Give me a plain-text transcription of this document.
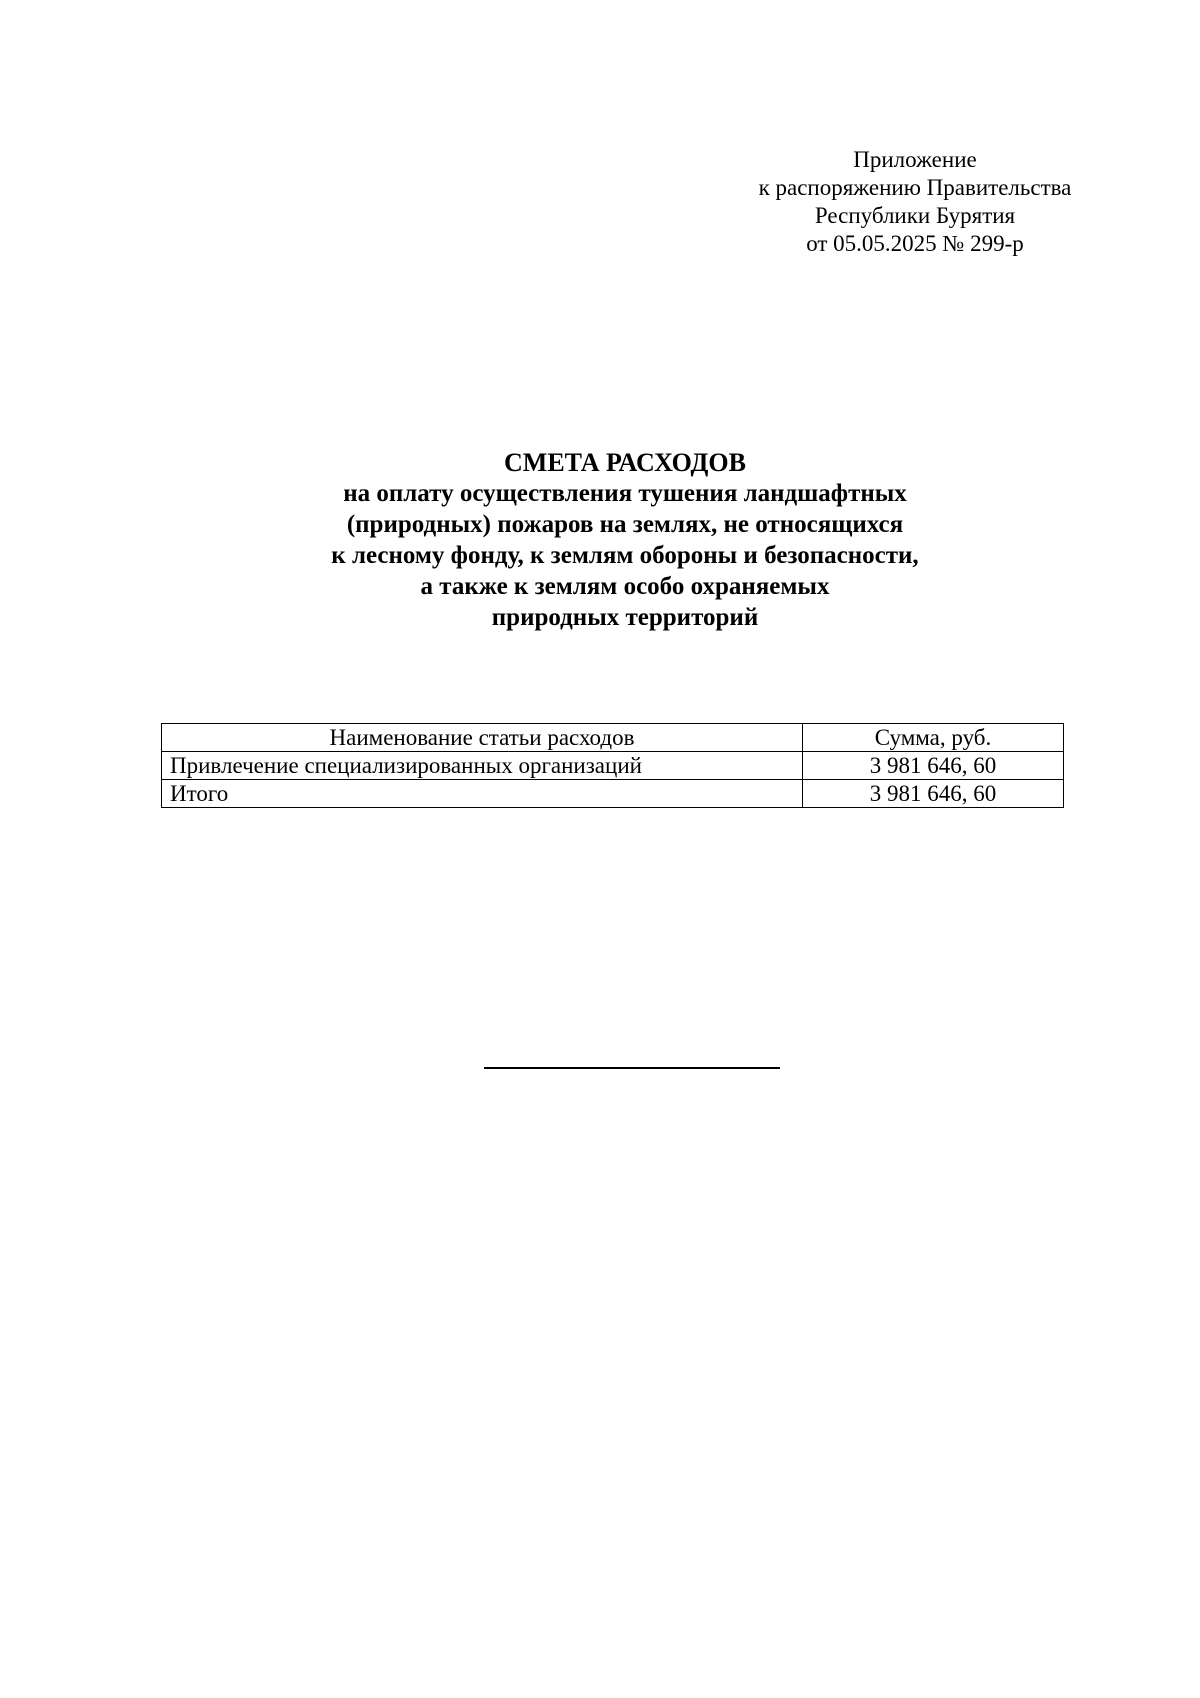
Приложение
к распоряжению Правительства
Республики Бурятия
от 05.05.2025 № 299-р
СМЕТА РАСХОДОВ
на оплату осуществления тушения ландшафтных
(природных) пожаров на землях, не относящихся
к лесному фонду, к землям обороны и безопасности,
а также к землям особо охраняемых
природных территорий
Наименование статьи расходов	Сумма, руб.
Привлечение специализированных организаций	3 981 646, 60
Итого	3 981 646, 60
